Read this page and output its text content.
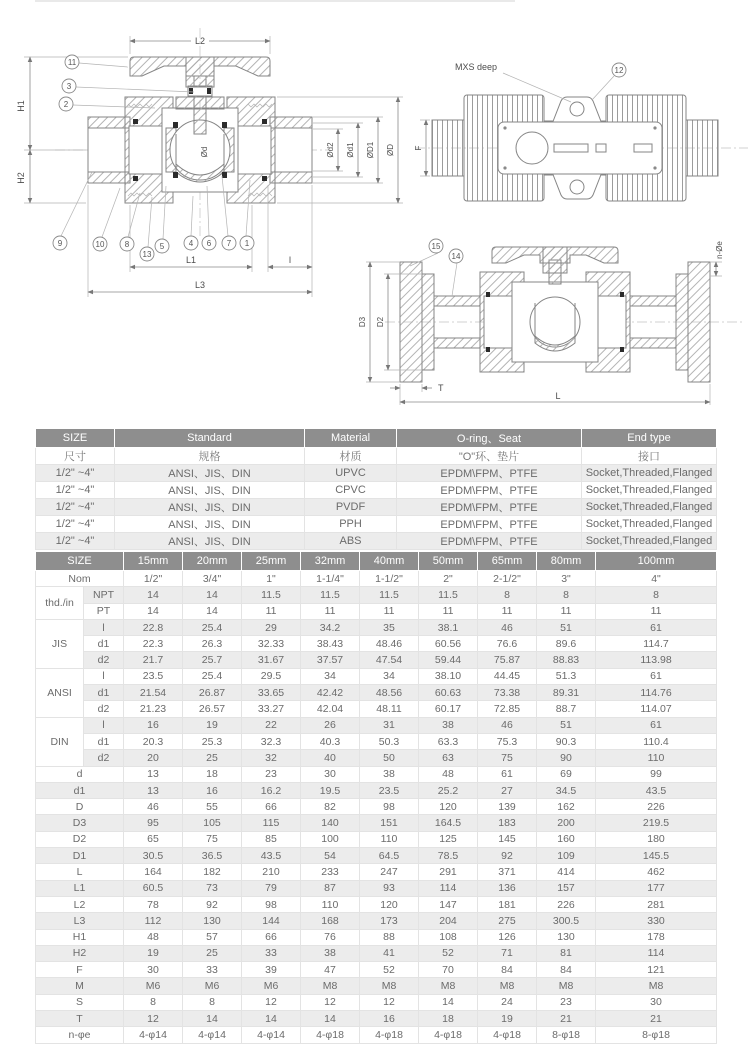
L2
H1
H2
Ød	Ød2 Ød1 ØD1 ØD
L1	l
L3
11
3
2
9	10	8
13
5	4 6 7 1
MXS deep	12
F
D3 D2
n-Øe
T
L
15
14
SIZE	Standard	Material	O-ring、Seat	End type
尺寸	规格	材质	"O"环、垫片	接口
1/2" ~4"	ANSI、JIS、DIN	UPVC	EPDM\FPM、PTFE	Socket,Threaded,Flanged
1/2" ~4"	ANSI、JIS、DIN	CPVC	EPDM\FPM、PTFE	Socket,Threaded,Flanged
1/2" ~4"	ANSI、JIS、DIN	PVDF	EPDM\FPM、PTFE	Socket,Threaded,Flanged
1/2" ~4"	ANSI、JIS、DIN	PPH	EPDM\FPM、PTFE	Socket,Threaded,Flanged
1/2" ~4"	ANSI、JIS、DIN	ABS	EPDM\FPM、PTFE	Socket,Threaded,Flanged
SIZE		15mm	20mm	25mm	32mm	40mm	50mm	65mm	80mm	100mm
Nom		1/2"	3/4"	1"	1-1/4"	1-1/2"	2"	2-1/2"	3"	4"
thd./in	NPT	14	14	11.5	11.5	11.5	11.5	8	8	8
	PT	14	14	11	11	11	11	11	11	11
JIS	l	22.8	25.4	29	34.2	35	38.1	46	51	61
	d1	22.3	26.3	32.33	38.43	48.46	60.56	76.6	89.6	114.7
	d2	21.7	25.7	31.67	37.57	47.54	59.44	75.87	88.83	113.98
ANSI	l	23.5	25.4	29.5	34	34	38.10	44.45	51.3	61
	d1	21.54	26.87	33.65	42.42	48.56	60.63	73.38	89.31	114.76
	d2	21.23	26.57	33.27	42.04	48.11	60.17	72.85	88.7	114.07
DIN	l	16	19	22	26	31	38	46	51	61
	d1	20.3	25.3	32.3	40.3	50.3	63.3	75.3	90.3	110.4
	d2	20	25	32	40	50	63	75	90	110
d		13	18	23	30	38	48	61	69	99
d1		13	16	16.2	19.5	23.5	25.2	27	34.5	43.5
D		46	55	66	82	98	120	139	162	226
D3		95	105	115	140	151	164.5	183	200	219.5
D2		65	75	85	100	110	125	145	160	180
D1		30.5	36.5	43.5	54	64.5	78.5	92	109	145.5
L		164	182	210	233	247	291	371	414	462
L1		60.5	73	79	87	93	114	136	157	177
L2		78	92	98	110	120	147	181	226	281
L3		112	130	144	168	173	204	275	300.5	330
H1		48	57	66	76	88	108	126	130	178
H2		19	25	33	38	41	52	71	81	114
F		30	33	39	47	52	70	84	84	121
M		M6	M6	M6	M8	M8	M8	M8	M8	M8
S		8	8	12	12	12	14	24	23	30
T		12	14	14	14	16	18	19	21	21
n-φe		4-φ14	4-φ14	4-φ14	4-φ18	4-φ18	4-φ18	4-φ18	8-φ18	8-φ18
